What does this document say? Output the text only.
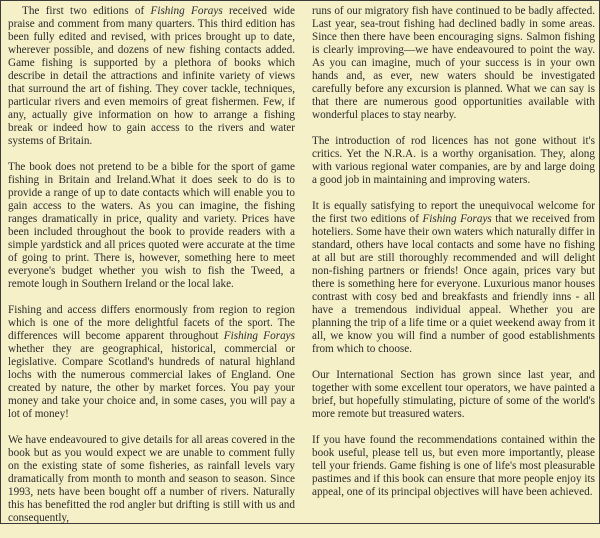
The first two editions of Fishing Forays received wide praise and comment from many quarters. This third edition has been fully edited and revised, with prices brought up to date, wherever possible, and dozens of new fishing contacts added. Game fishing is supported by a plethora of books which describe in detail the attractions and infinite variety of views that surround the art of fishing. They cover tackle, techniques, particular rivers and even memoirs of great fishermen. Few, if any, actually give information on how to arrange a fishing break or indeed how to gain access to the rivers and water systems of Britain.

The book does not pretend to be a bible for the sport of game fishing in Britain and Ireland.What it does seek to do is to provide a range of up to date contacts which will enable you to gain access to the waters. As you can imagine, the fishing ranges dramatically in price, quality and variety. Prices have been included throughout the book to provide readers with a simple yardstick and all prices quoted were accurate at the time of going to print. There is, however, something here to meet everyone's budget whether you wish to fish the Tweed, a remote lough in Southern Ireland or the local lake.

Fishing and access differs enormously from region to region which is one of the more delightful facets of the sport. The differences will become apparent throughout Fishing Forays whether they are geographical, historical, commercial or legislative. Compare Scotland's hundreds of natural highland lochs with the numerous commercial lakes of England. One created by nature, the other by market forces. You pay your money and take your choice and, in some cases, you will pay a lot of money!

We have endeavoured to give details for all areas covered in the book but as you would expect we are unable to comment fully on the existing state of some fisheries, as rainfall levels vary dramatically from month to month and season to season. Since 1993, nets have been bought off a number of rivers. Naturally this has benefitted the rod angler but drifting is still with us and consequently,

runs of our migratory fish have continued to be badly affected. Last year, sea-trout fishing had declined badly in some areas. Since then there have been encouraging signs. Salmon fishing is clearly improving—we have endeavoured to point the way. As you can imagine, much of your success is in your own hands and, as ever, new waters should be investigated carefully before any excursion is planned. What we can say is that there are numerous good opportunities available with wonderful places to stay nearby.

The introduction of rod licences has not gone without it's critics. Yet the N.R.A. is a worthy organisation. They, along with various regional water companies, are by and large doing a good job in maintaining and improving waters.

It is equally satisfying to report the unequivocal welcome for the first two editions of Fishing Forays that we received from hoteliers. Some have their own waters which naturally differ in standard, others have local contacts and some have no fishing at all but are still thoroughly recommended and will delight non-fishing partners or friends! Once again, prices vary but there is something here for everyone. Luxurious manor houses contrast with cosy bed and breakfasts and friendly inns - all have a tremendous individual appeal. Whether you are planning the trip of a life time or a quiet weekend away from it all, we know you will find a number of good establishments from which to choose.

Our International Section has grown since last year, and together with some excellent tour operators, we have painted a brief, but hopefully stimulating, picture of some of the world's more remote but treasured waters.

If you have found the recommendations contained within the book useful, please tell us, but even more importantly, please tell your friends. Game fishing is one of life's most pleasurable pastimes and if this book can ensure that more people enjoy its appeal, one of its principal objectives will have been achieved.
